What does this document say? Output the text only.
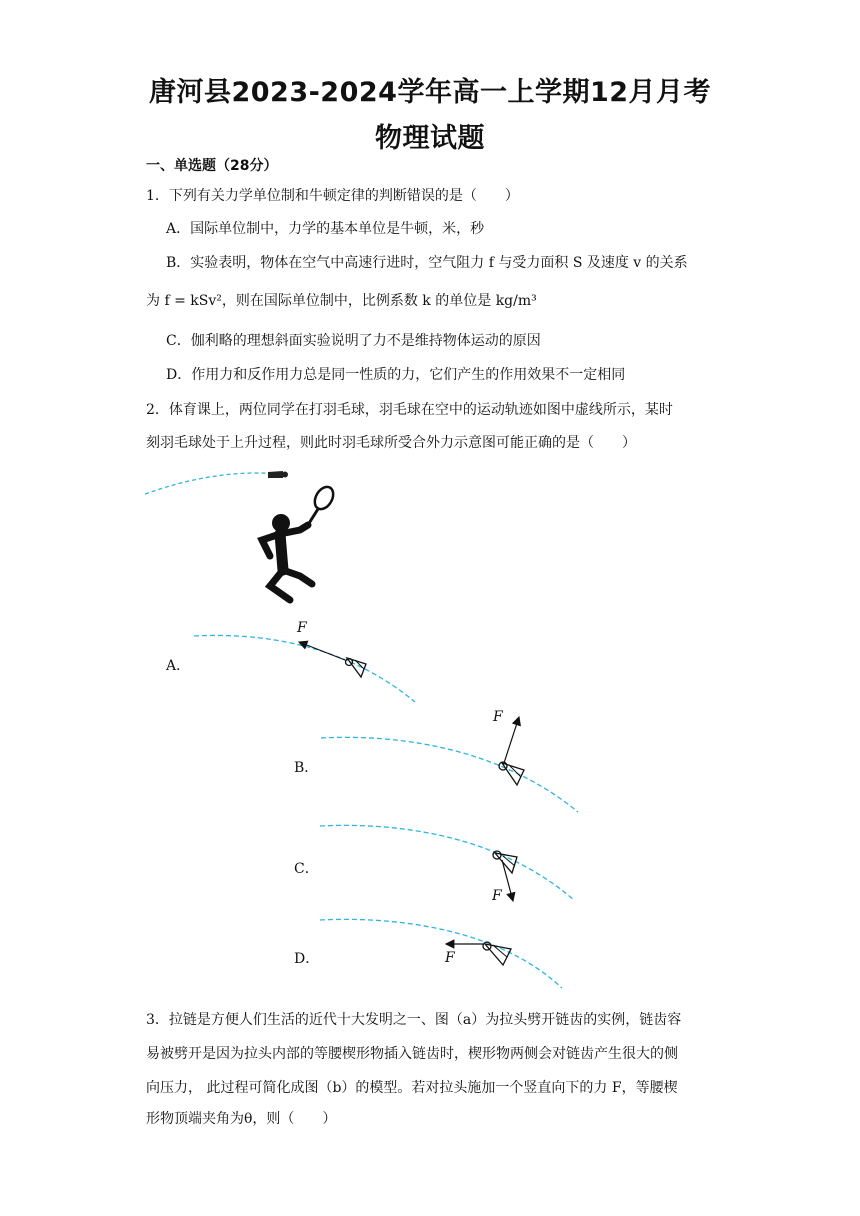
唐河县2023-2024学年高一上学期12月月考
物理试题
一、单选题（28分）
1．下列有关力学单位制和牛顿定律的判断错误的是（　　）
A．国际单位制中，力学的基本单位是牛顿，米，秒
B．实验表明，物体在空气中高速行进时，空气阻力 f 与受力面积 S 及速度 v 的关系
为 f = kSv²，则在国际单位制中，比例系数 k 的单位是 kg/m³
C．伽利略的理想斜面实验说明了力不是维持物体运动的原因
D．作用力和反作用力总是同一性质的力，它们产生的作用效果不一定相同
2．体育课上，两位同学在打羽毛球，羽毛球在空中的运动轨迹如图中虚线所示，某时
刻羽毛球处于上升过程，则此时羽毛球所受合外力示意图可能正确的是（　　）
A．
F
B．
F
C．
F
D．	F
3．拉链是方便人们生活的近代十大发明之一、图（a）为拉头劈开链齿的实例，链齿容
易被劈开是因为拉头内部的等腰楔形物插入链齿时，楔形物两侧会对链齿产生很大的侧
向压力， 此过程可简化成图（b）的模型。若对拉头施加一个竖直向下的力 F，等腰楔
形物顶端夹角为θ，则（　　）
